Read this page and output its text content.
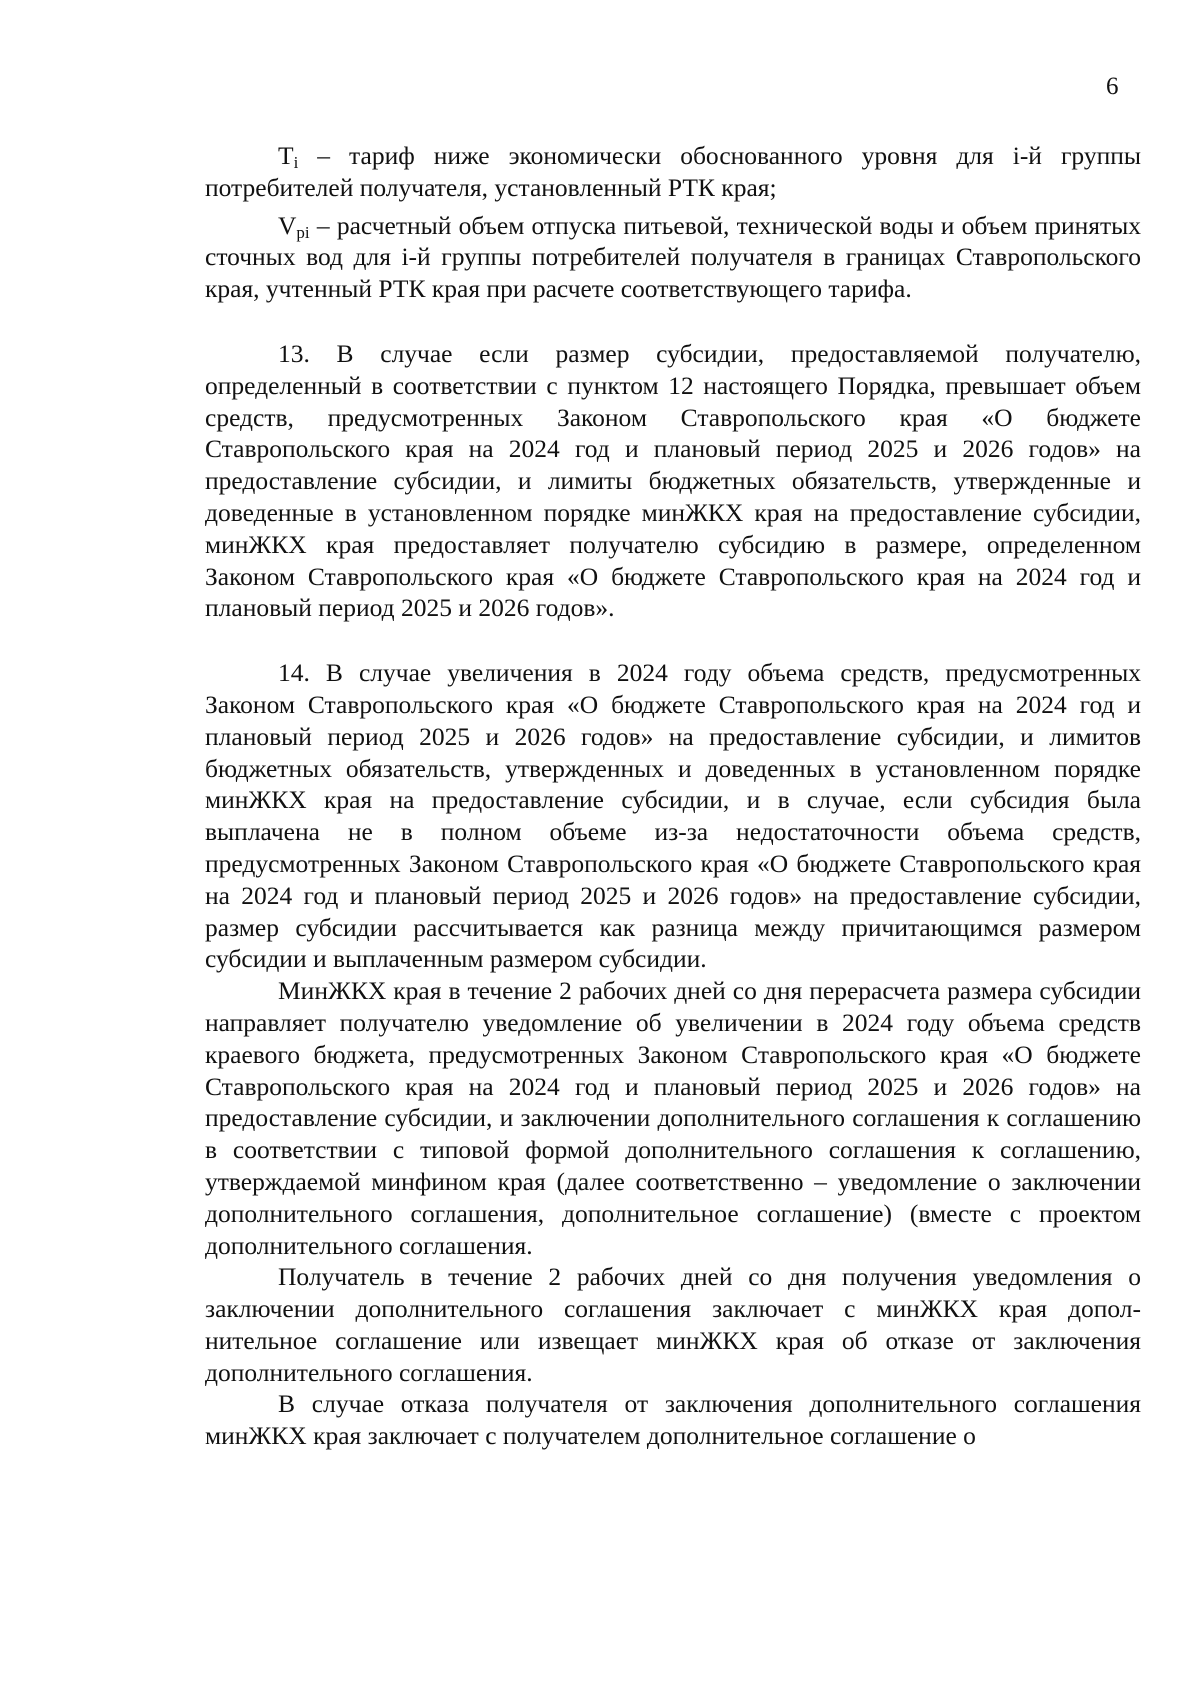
6

$T_i$ – тариф ниже экономически обоснованного уровня для i-й группы потребителей получателя, установленный РТК края;

$V_{pi}$ – расчетный объем отпуска питьевой, технической воды и объем принятых сточных вод для i-й группы потребителей получателя в границах Ставропольского края, учтенный РТК края при расчете соответствующего тарифа.

13. В случае если размер субсидии, предоставляемой получателю, определенный в соответствии с пунктом 12 настоящего Порядка, превышает объем средств, предусмотренных Законом Ставропольского края «О бюджете Ставропольского края на 2024 год и плановый период 2025 и 2026 годов» на предоставление субсидии, и лимиты бюджетных обязательств, утвержденные и доведенные в установленном порядке минЖКХ края на предоставление субсидии, минЖКХ края предоставляет получателю субсидию в размере, определенном Законом Ставропольского края «О бюджете Ставропольского края на 2024 год и плановый период 2025 и 2026 годов».

14. В случае увеличения в 2024 году объема средств, предусмотренных Законом Ставропольского края «О бюджете Ставропольского края на 2024 год и плановый период 2025 и 2026 годов» на предоставление субсидии, и лимитов бюджетных обязательств, утвержденных и доведенных в установленном порядке минЖКХ края на предоставление субсидии, и в случае, если субсидия была выплачена не в полном объеме из-за недостаточности объема средств, предусмотренных Законом Ставропольского края «О бюджете Ставропольского края на 2024 год и плановый период 2025 и 2026 годов» на предоставление субсидии, размер субсидии рассчитывается как разница между причитающимся размером субсидии и выплаченным размером субсидии.

МинЖКХ края в течение 2 рабочих дней со дня перерасчета размера субсидии направляет получателю уведомление об увеличении в 2024 году объема средств краевого бюджета, предусмотренных Законом Ставропольского края «О бюджете Ставропольского края на 2024 год и плановый период 2025 и 2026 годов» на предоставление субсидии, и заключении дополнительного соглашения к соглашению в соответствии с типовой формой дополнительного соглашения к соглашению, утверждаемой минфином края (далее соответственно – уведомление о заключении дополнительного соглашения, дополнительное соглашение) (вместе с проектом дополнительного соглашения.

Получатель в течение 2 рабочих дней со дня получения уведомления о заключении дополнительного соглашения заключает с минЖКХ края дополнительное соглашение или извещает минЖКХ края об отказе от заключения дополнительного соглашения.

В случае отказа получателя от заключения дополнительного соглашения минЖКХ края заключает с получателем дополнительное соглашение о
